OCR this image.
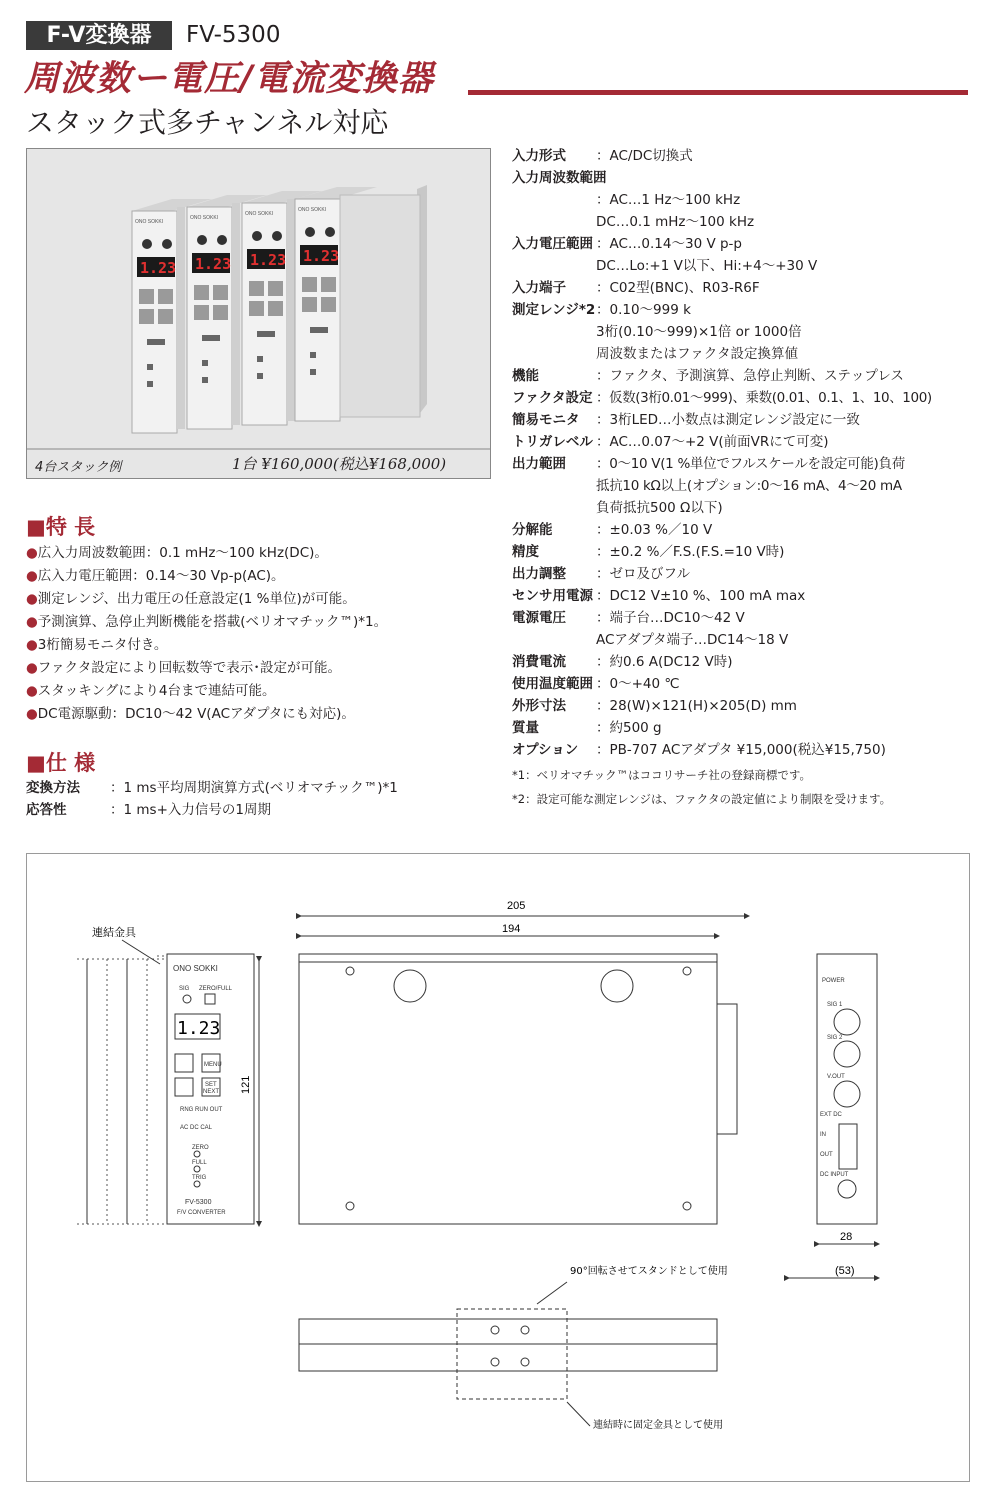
F-V変換器	FV-5300
周波数ー電圧/電流変換器
スタック式多チャンネル対応
1.23 1.23 1.23 1.23
ONO SOKKI
ONO SOKKI
ONO SOKKI
ONO SOKKI
4台スタック例	1台 ¥160,000(税込¥168,000)
■特 長
●広入力周波数範囲：0.1 mHz〜100 kHz(DC)。
●広入力電圧範囲：0.14〜30 Vp-p(AC)。
●測定レンジ、出力電圧の任意設定(1 %単位)が可能。
●予測演算、急停止判断機能を搭載(ベリオマチック™)*1。
●3桁簡易モニタ付き。
●ファクタ設定により回転数等で表示･設定が可能。
●スタッキングにより4台まで連結可能。
●DC電源駆動：DC10〜42 V(ACアダプタにも対応)。
■仕 様
変換方法 ：1 ms平均周期演算方式(ベリオマチック™)*1
応答性	：1 ms+入力信号の1周期
入力形式 ：AC/DC切換式
入力周波数範囲
：AC…1 Hz〜100 kHz
DC…0.1 mHz〜100 kHz
入力電圧範囲 ：AC…0.14〜30 V p-p
DC…Lo:+1 V以下、Hi:+4〜+30 V
入力端子 ：C02型(BNC)、R03-R6F
測定レンジ*2 ：0.10〜999 k
3桁(0.10〜999)×1倍 or 1000倍
周波数またはファクタ設定換算値
機能	：ファクタ、予測演算、急停止判断、ステップレス
ファクタ設定 ：仮数(3桁0.01〜999)、乗数(0.01、0.1、1、10、100)
簡易モニタ ：3桁LED…小数点は測定レンジ設定に一致
トリガレベル ：AC…0.07〜+2 V(前面VRにて可変)
出力範囲 ：0〜10 V(1 %単位でフルスケールを設定可能)負荷
抵抗10 kΩ以上(オプション:0〜16 mA、4〜20 mA
負荷抵抗500 Ω以下)
分解能	：±0.03 %／10 V
精度	：±0.2 %／F.S.(F.S.=10 V時)
出力調整 ：ゼロ及びフル
センサ用電源 ：DC12 V±10 %、100 mA max
電源電圧 ：端子台…DC10〜42 V
ACアダプタ端子…DC14〜18 V
消費電流 ：約0.6 A(DC12 V時)
使用温度範囲 ：0〜+40 ℃
外形寸法 ：28(W)×121(H)×205(D) mm
質量	：約500 g
オプション ：PB-707 ACアダプタ ¥15,000(税込¥15,750)
*1：ベリオマチック™はココリサーチ社の登録商標です。
*2：設定可能な測定レンジは、ファクタの設定値により制限を受けます。
1.23
ONO SOKKI
SIG ZERO/FULL
MENU
SET
NEXT
RNG RUN OUT
AC DC CAL
ZERO
FULL
TRIG
FV-5300
F/V CONVERTER
連結金具
121
205
194
POWER
SIG 1
SIG 2
V.OUT
EXT DC
IN
OUT
DC INPUT
28
(53)
90°回転させてスタンドとして使用
連結時に固定金具として使用
